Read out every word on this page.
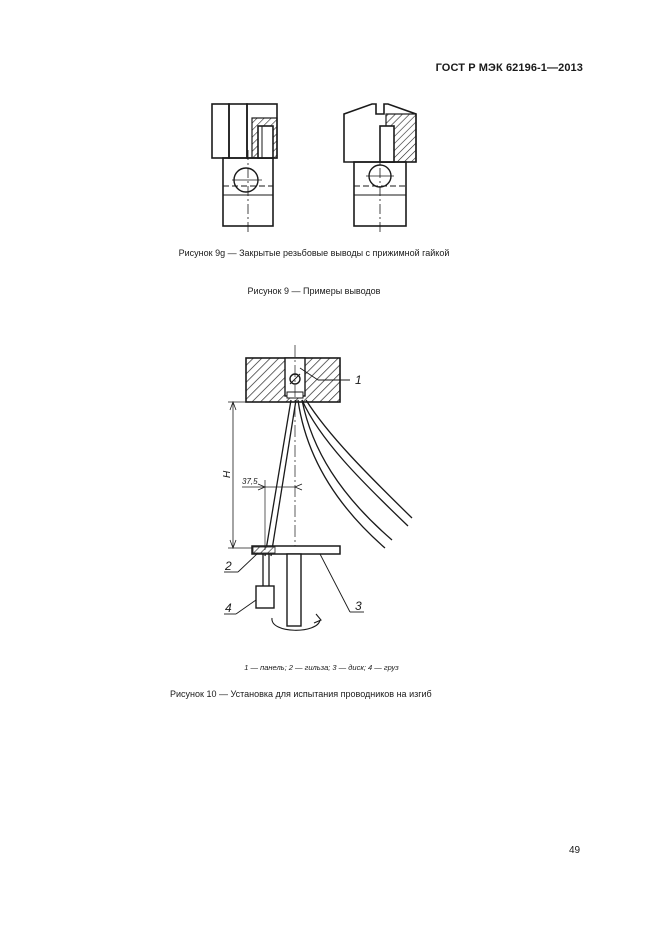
ГОСТ Р МЭК 62196-1—2013
1
2
4	3
H
37,5
Рисунок 9g — Закрытые резьбовые выводы с прижимной гайкой
Рисунок 9 — Примеры выводов
1 — панель; 2 — гильза; 3 — диск; 4 — груз
Рисунок 10 — Установка для испытания проводников на изгиб
49
